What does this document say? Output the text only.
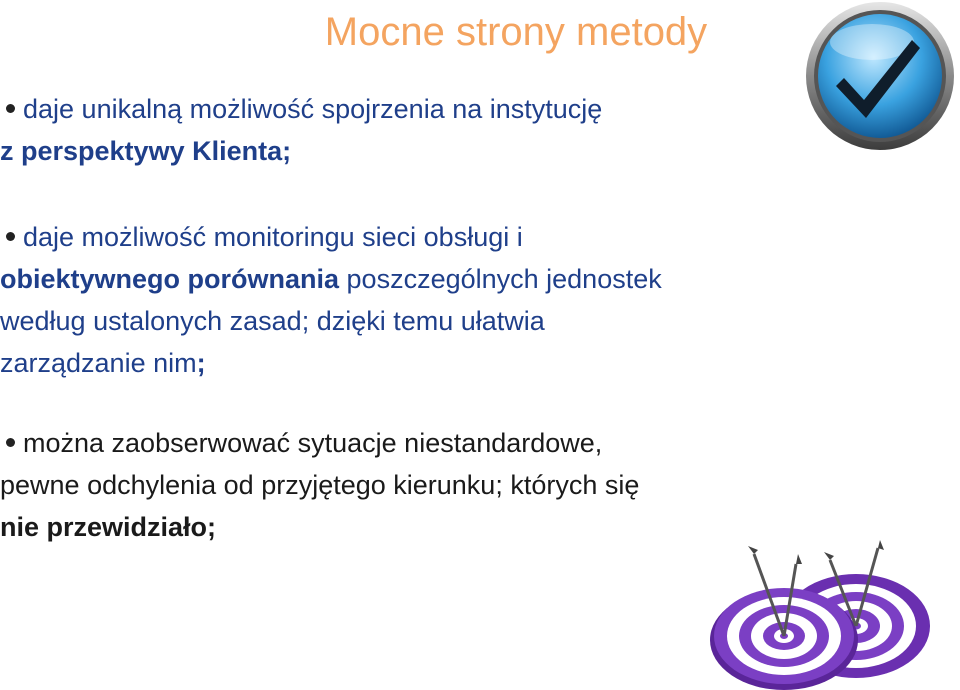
Mocne strony metody
daje unikalną możliwość spojrzenia na instytucję
z perspektywy Klienta;
daje możliwość monitoringu sieci obsługi i
obiektywnego porównania poszczególnych jednostek
według ustalonych zasad; dzięki temu ułatwia
zarządzanie nim;
można zaobserwować sytuacje niestandardowe,
pewne odchylenia od przyjętego kierunku; których się
nie przewidziało;
